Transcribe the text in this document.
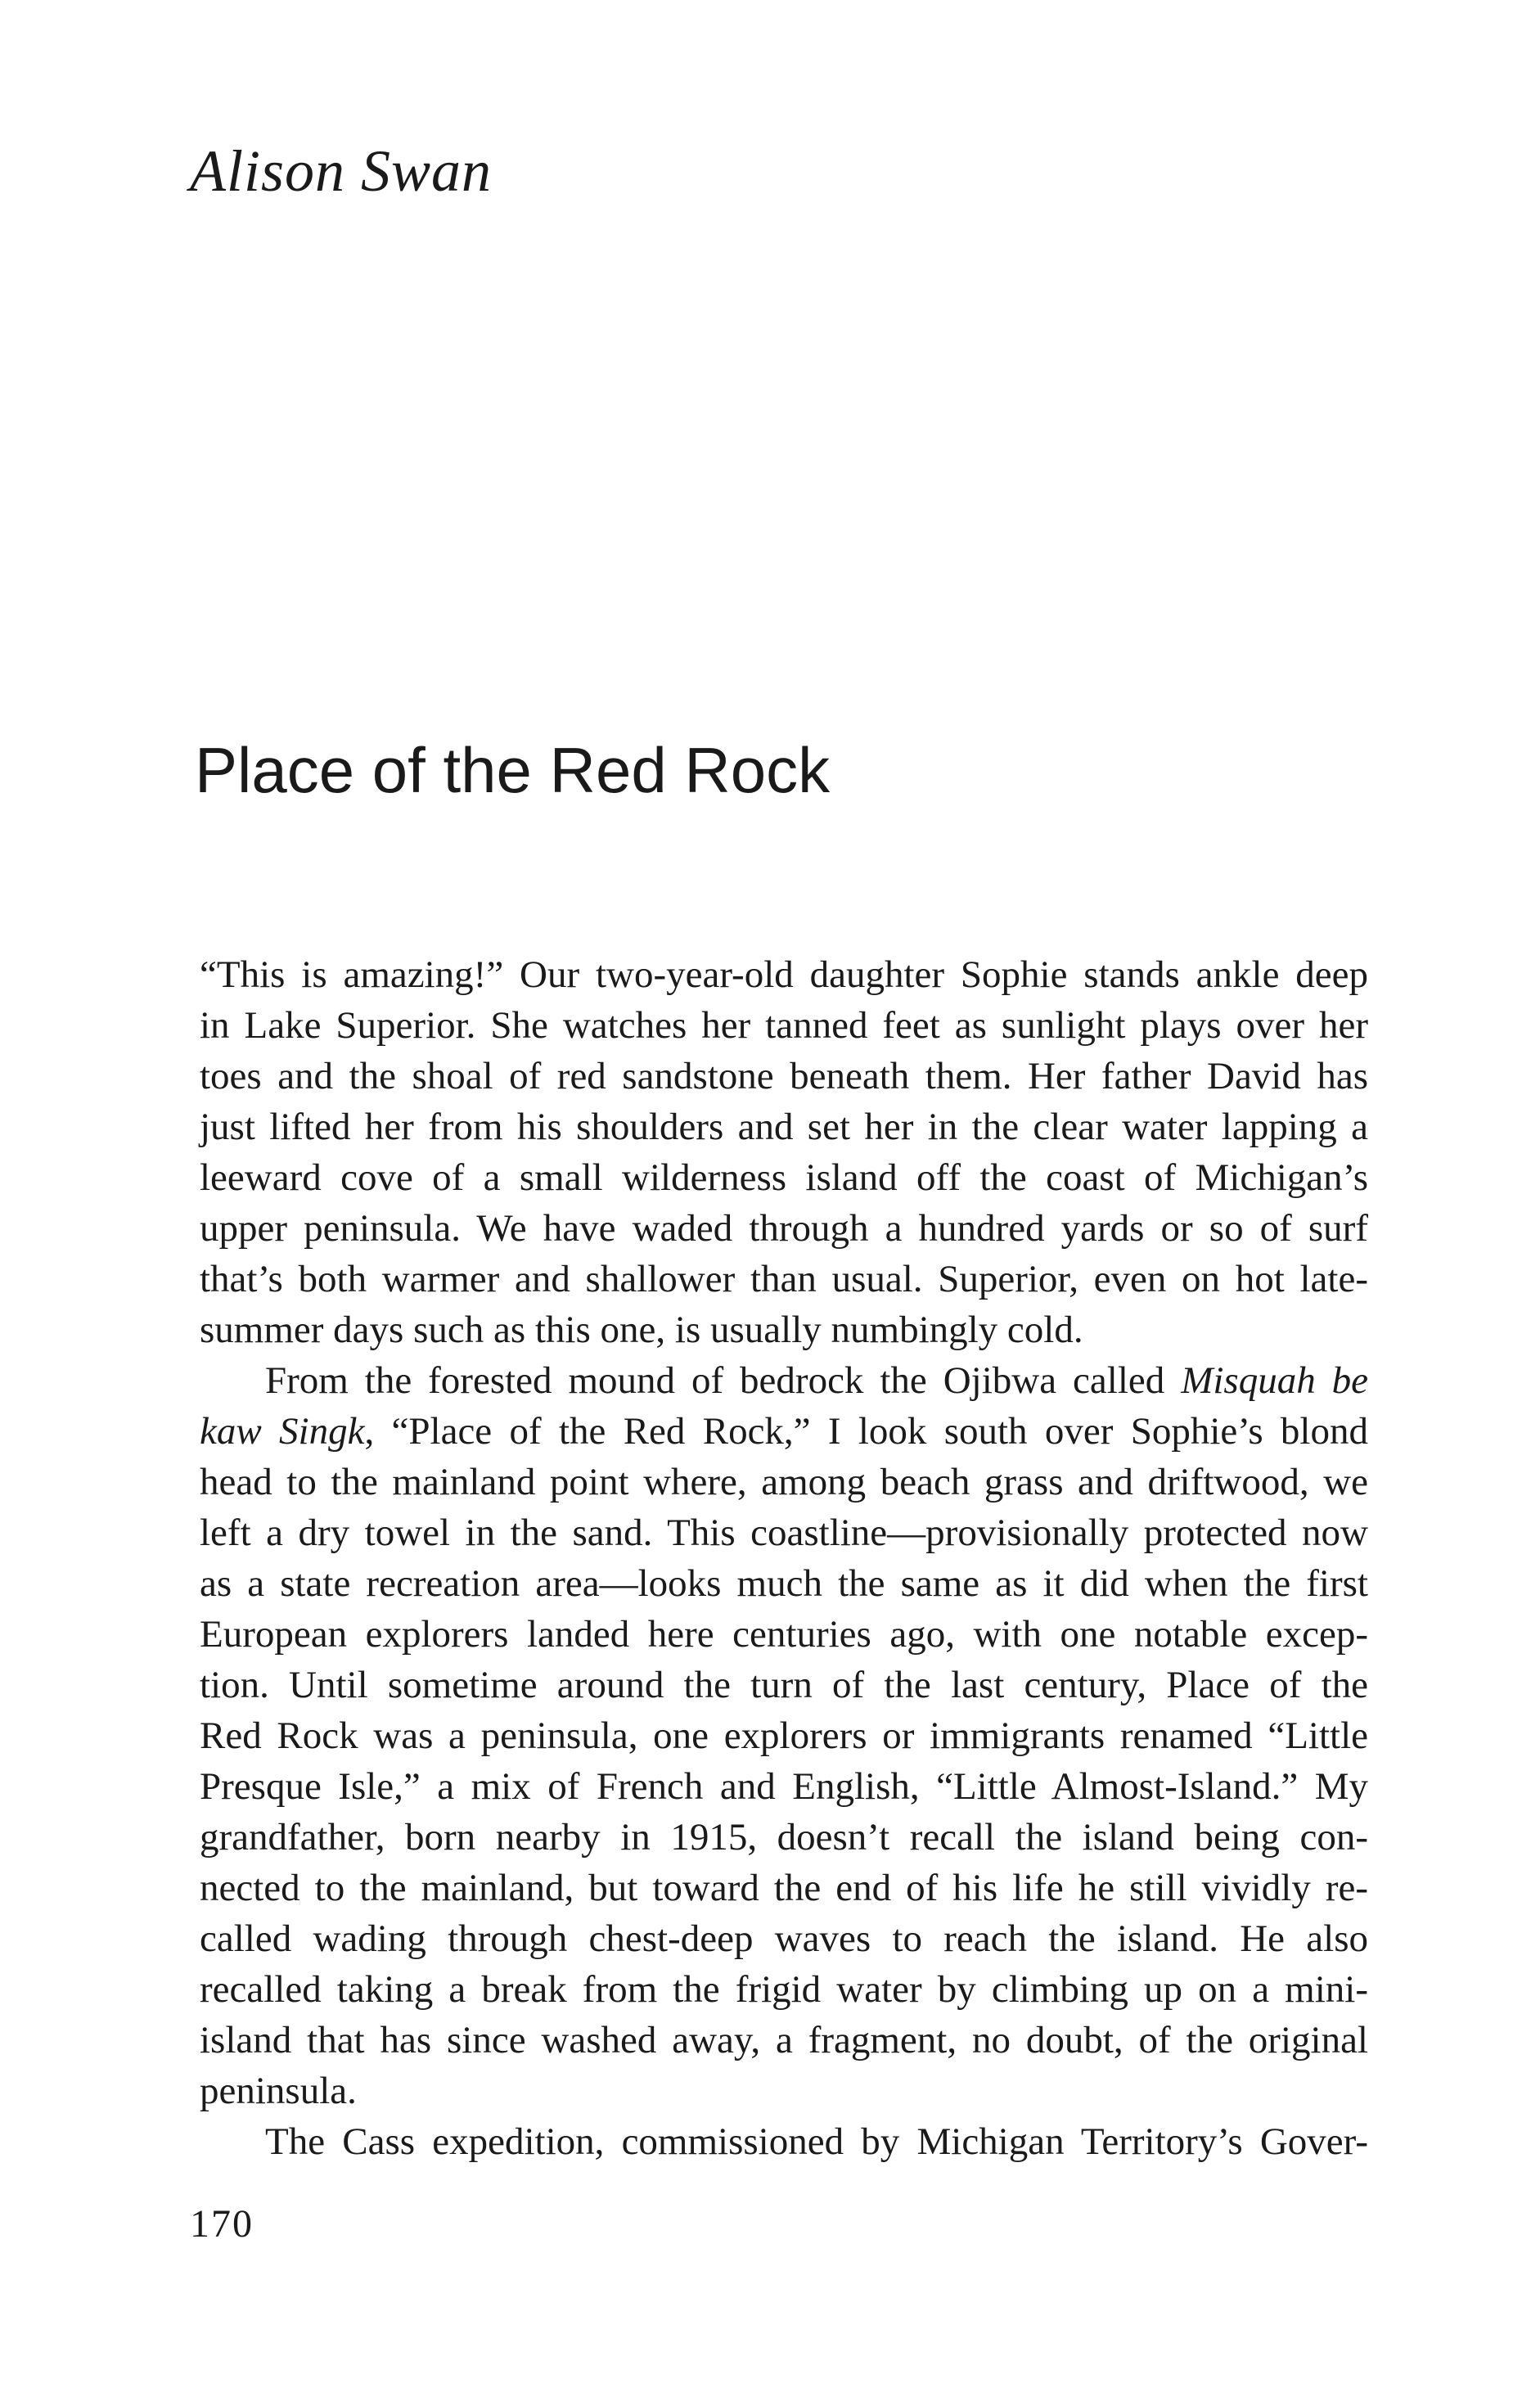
Alison Swan
Place of the Red Rock
“This is amazing!” Our two-year-old daughter Sophie stands ankle deep
in Lake Superior. She watches her tanned feet as sunlight plays over her
toes and the shoal of red sandstone beneath them. Her father David has
just lifted her from his shoulders and set her in the clear water lapping a
leeward cove of a small wilderness island off the coast of Michigan’s
upper peninsula. We have waded through a hundred yards or so of surf
that’s both warmer and shallower than usual. Superior, even on hot late-
summer days such as this one, is usually numbingly cold.
From the forested mound of bedrock the Ojibwa called Misquah be
kaw Singk, “Place of the Red Rock,” I look south over Sophie’s blond
head to the mainland point where, among beach grass and driftwood, we
left a dry towel in the sand. This coastline—provisionally protected now
as a state recreation area—looks much the same as it did when the first
European explorers landed here centuries ago, with one notable excep-
tion. Until sometime around the turn of the last century, Place of the
Red Rock was a peninsula, one explorers or immigrants renamed “Little
Presque Isle,” a mix of French and English, “Little Almost-Island.” My
grandfather, born nearby in 1915, doesn’t recall the island being con-
nected to the mainland, but toward the end of his life he still vividly re-
called wading through chest-deep waves to reach the island. He also
recalled taking a break from the frigid water by climbing up on a mini-
island that has since washed away, a fragment, no doubt, of the original
peninsula.
The Cass expedition, commissioned by Michigan Territory’s Gover-
170
